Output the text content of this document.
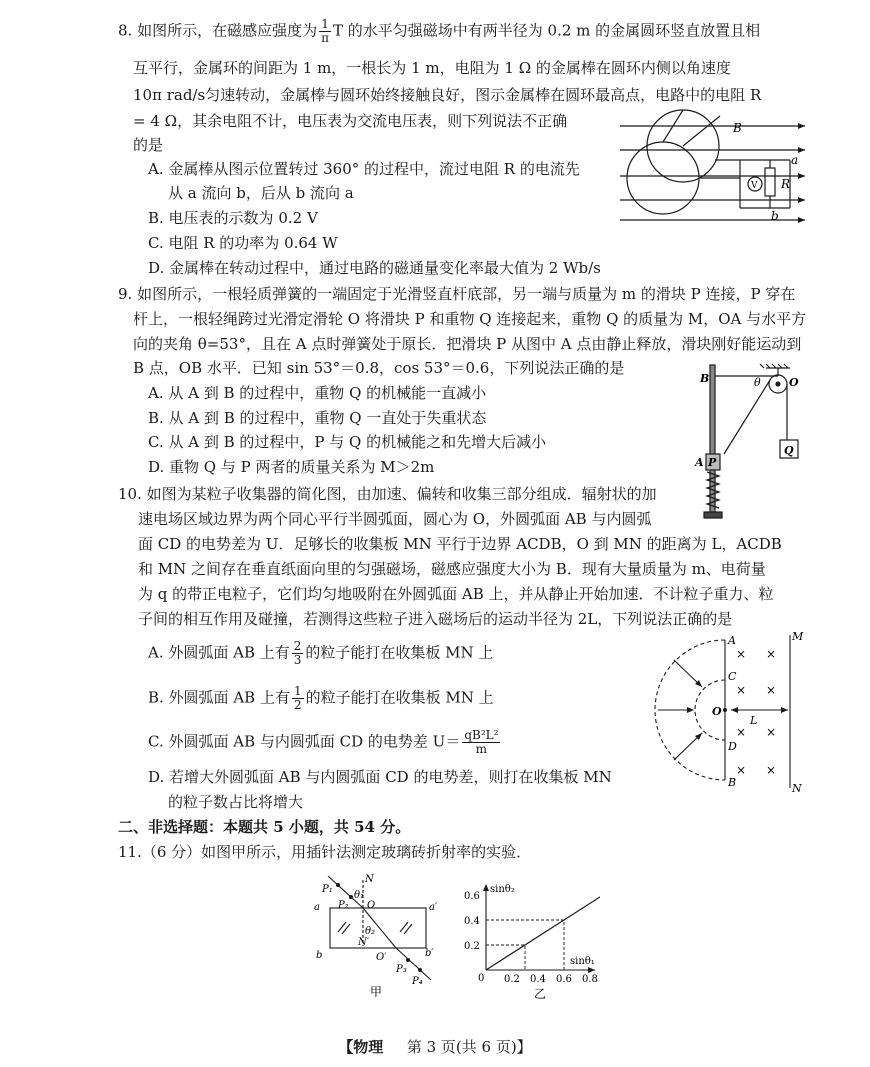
8. 如图所示，在磁感应强度为 $\frac{1}{\pi}$ T 的水平匀强磁场中有两半径为 0.2 m 的金属圆环竖直放置且相
互平行，金属环的间距为 1 m，一根长为 1 m，电阻为 1 Ω 的金属棒在圆环内侧以角速度
10π rad/s匀速转动，金属棒与圆环始终接触良好，图示金属棒在圆环最高点，电路中的电阻 R
= 4 Ω，其余电阻不计，电压表为交流电压表，则下列说法不正确
的是
A. 金属棒从图示位置转过 360° 的过程中，流过电阻 R 的电流先
从 a 流向 b，后从 b 流向 a
B. 电压表的示数为 0.2 V
C. 电阻 R 的功率为 0.64 W
D. 金属棒在转动过程中，通过电路的磁通量变化率最大值为 2 Wb/s
B
a
R
b
V
9. 如图所示，一根轻质弹簧的一端固定于光滑竖直杆底部，另一端与质量为 m 的滑块 P 连接，P 穿在
杆上，一根轻绳跨过光滑定滑轮 O 将滑块 P 和重物 Q 连接起来，重物 Q 的质量为 M，OA 与水平方
向的夹角 θ=53°，且在 A 点时弹簧处于原长．把滑块 P 从图中 A 点由静止释放，滑块刚好能运动到
B 点，OB 水平．已知 sin 53°＝0.8，cos 53°＝0.6，下列说法正确的是
A. 从 A 到 B 的过程中，重物 Q 的机械能一直减小
B. 从 A 到 B 的过程中，重物 Q 一直处于失重状态
C. 从 A 到 B 的过程中，P 与 Q 的机械能之和先增大后减小
D. 重物 Q 与 P 两者的质量关系为 M＞2m
B	θ	O
Q
A P
10. 如图为某粒子收集器的简化图，由加速、偏转和收集三部分组成．辐射状的加
速电场区域边界为两个同心平行半圆弧面，圆心为 O，外圆弧面 AB 与内圆弧
面 CD 的电势差为 U．足够长的收集板 MN 平行于边界 ACDB，O 到 MN 的距离为 L，ACDB
和 MN 之间存在垂直纸面向里的匀强磁场，磁感应强度大小为 B．现有大量质量为 m、电荷量
为 q 的带正电粒子，它们均匀地吸附在外圆弧面 AB 上，并从静止开始加速．不计粒子重力、粒
子间的相互作用及碰撞，若测得这些粒子进入磁场后的运动半径为 2L，下列说法正确的是
A. 外圆弧面 AB 上有 $\frac{2}{3}$ 的粒子能打在收集板 MN 上
B. 外圆弧面 AB 上有 $\frac{1}{2}$ 的粒子能打在收集板 MN 上
C. 外圆弧面 AB 与内圆弧面 CD 的电势差 $U= \frac{\text{qB²L²}}{m}$
D. 若增大外圆弧面 AB 与内圆弧面 CD 的电势差，则打在收集板 MN
的粒子数占比将增大
× ×
× ×
× ×
× ×
A
C
O
L
D
B
M
N
二、非选择题：本题共 5 小题，共 54 分。
11.（6 分）如图甲所示，用插针法测定玻璃砖折射率的实验．
P₁
P₂
N
θ₁
O
a	a′
θ₂
N′
b	b′
O′
P₃
P₄
甲
0.2 0.4 0.6 0.8
0.2
0.4
0.6
sinθ₂
sinθ₁
0
乙
【物理 第 3 页(共 6 页)】
